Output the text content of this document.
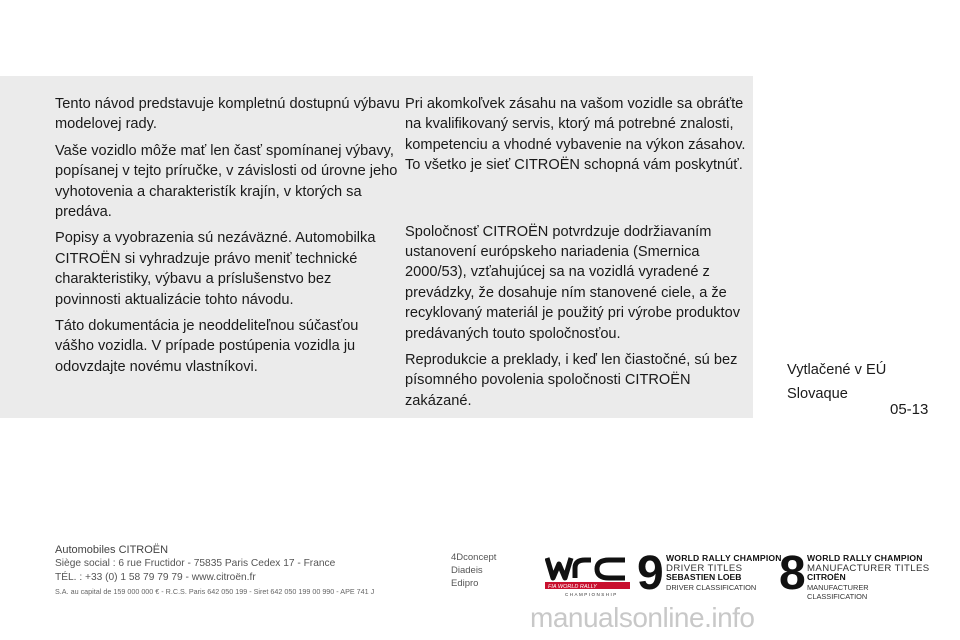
Tento návod predstavuje kompletnú dostupnú výbavu modelovej rady.

Vaše vozidlo môže mať len časť spomínanej výbavy, popísanej v tejto príručke, v závislosti od úrovne jeho vyhotovenia a charakteristík krajín, v ktorých sa predáva.

Popisy a vyobrazenia sú nezáväzné. Automobilka CITROËN si vyhradzuje právo meniť technické charakteristiky, výbavu a príslušenstvo bez povinnosti aktualizácie tohto návodu.

Táto dokumentácia je neoddeliteľnou súčasťou vášho vozidla. V prípade postúpenia vozidla ju odovzdajte novému vlastníkovi.

Pri akomkoľvek zásahu na vašom vozidle sa obráťte na kvalifikovaný servis, ktorý má potrebné znalosti, kompetenciu a vhodné vybavenie na výkon zásahov. To všetko je sieť CITROËN schopná vám poskytnúť.

Spoločnosť CITROËN potvrdzuje dodržiavaním ustanovení európskeho nariadenia (Smernica 2000/53), vzťahujúcej sa na vozidlá vyradené z prevádzky, že dosahuje ním stanovené ciele, a že recyklovaný materiál je použitý pri výrobe produktov predávaných touto spoločnosťou.

Reprodukcie a preklady, i keď len čiastočné, sú bez písomného povolenia spoločnosti CITROËN zakázané.

Vytlačené v EÚ
Slovaque
05-13
Automobiles CITROËN
Siège social : 6 rue Fructidor - 75835 Paris Cedex 17 - France
TÉL. : +33 (0) 1 58 79 79 79 - www.citroën.fr
S.A. au capital de 159 000 000 € - R.C.S. Paris 642 050 199 - Siret 642 050 199 00 990 - APE 741 J
4Dconcept
Diadeis
Edipro	FIA WORLD RALLY
CHAMPIONSHIP 9 WORLD RALLY CHAMPION
DRIVER TITLES
SEBASTIEN LOEB
DRIVER CLASSIFICATION 8 WORLD RALLY CHAMPION
MANUFACTURER TITLES
CITROËN
MANUFACTURER CLASSIFICATION
manualsonline.info
